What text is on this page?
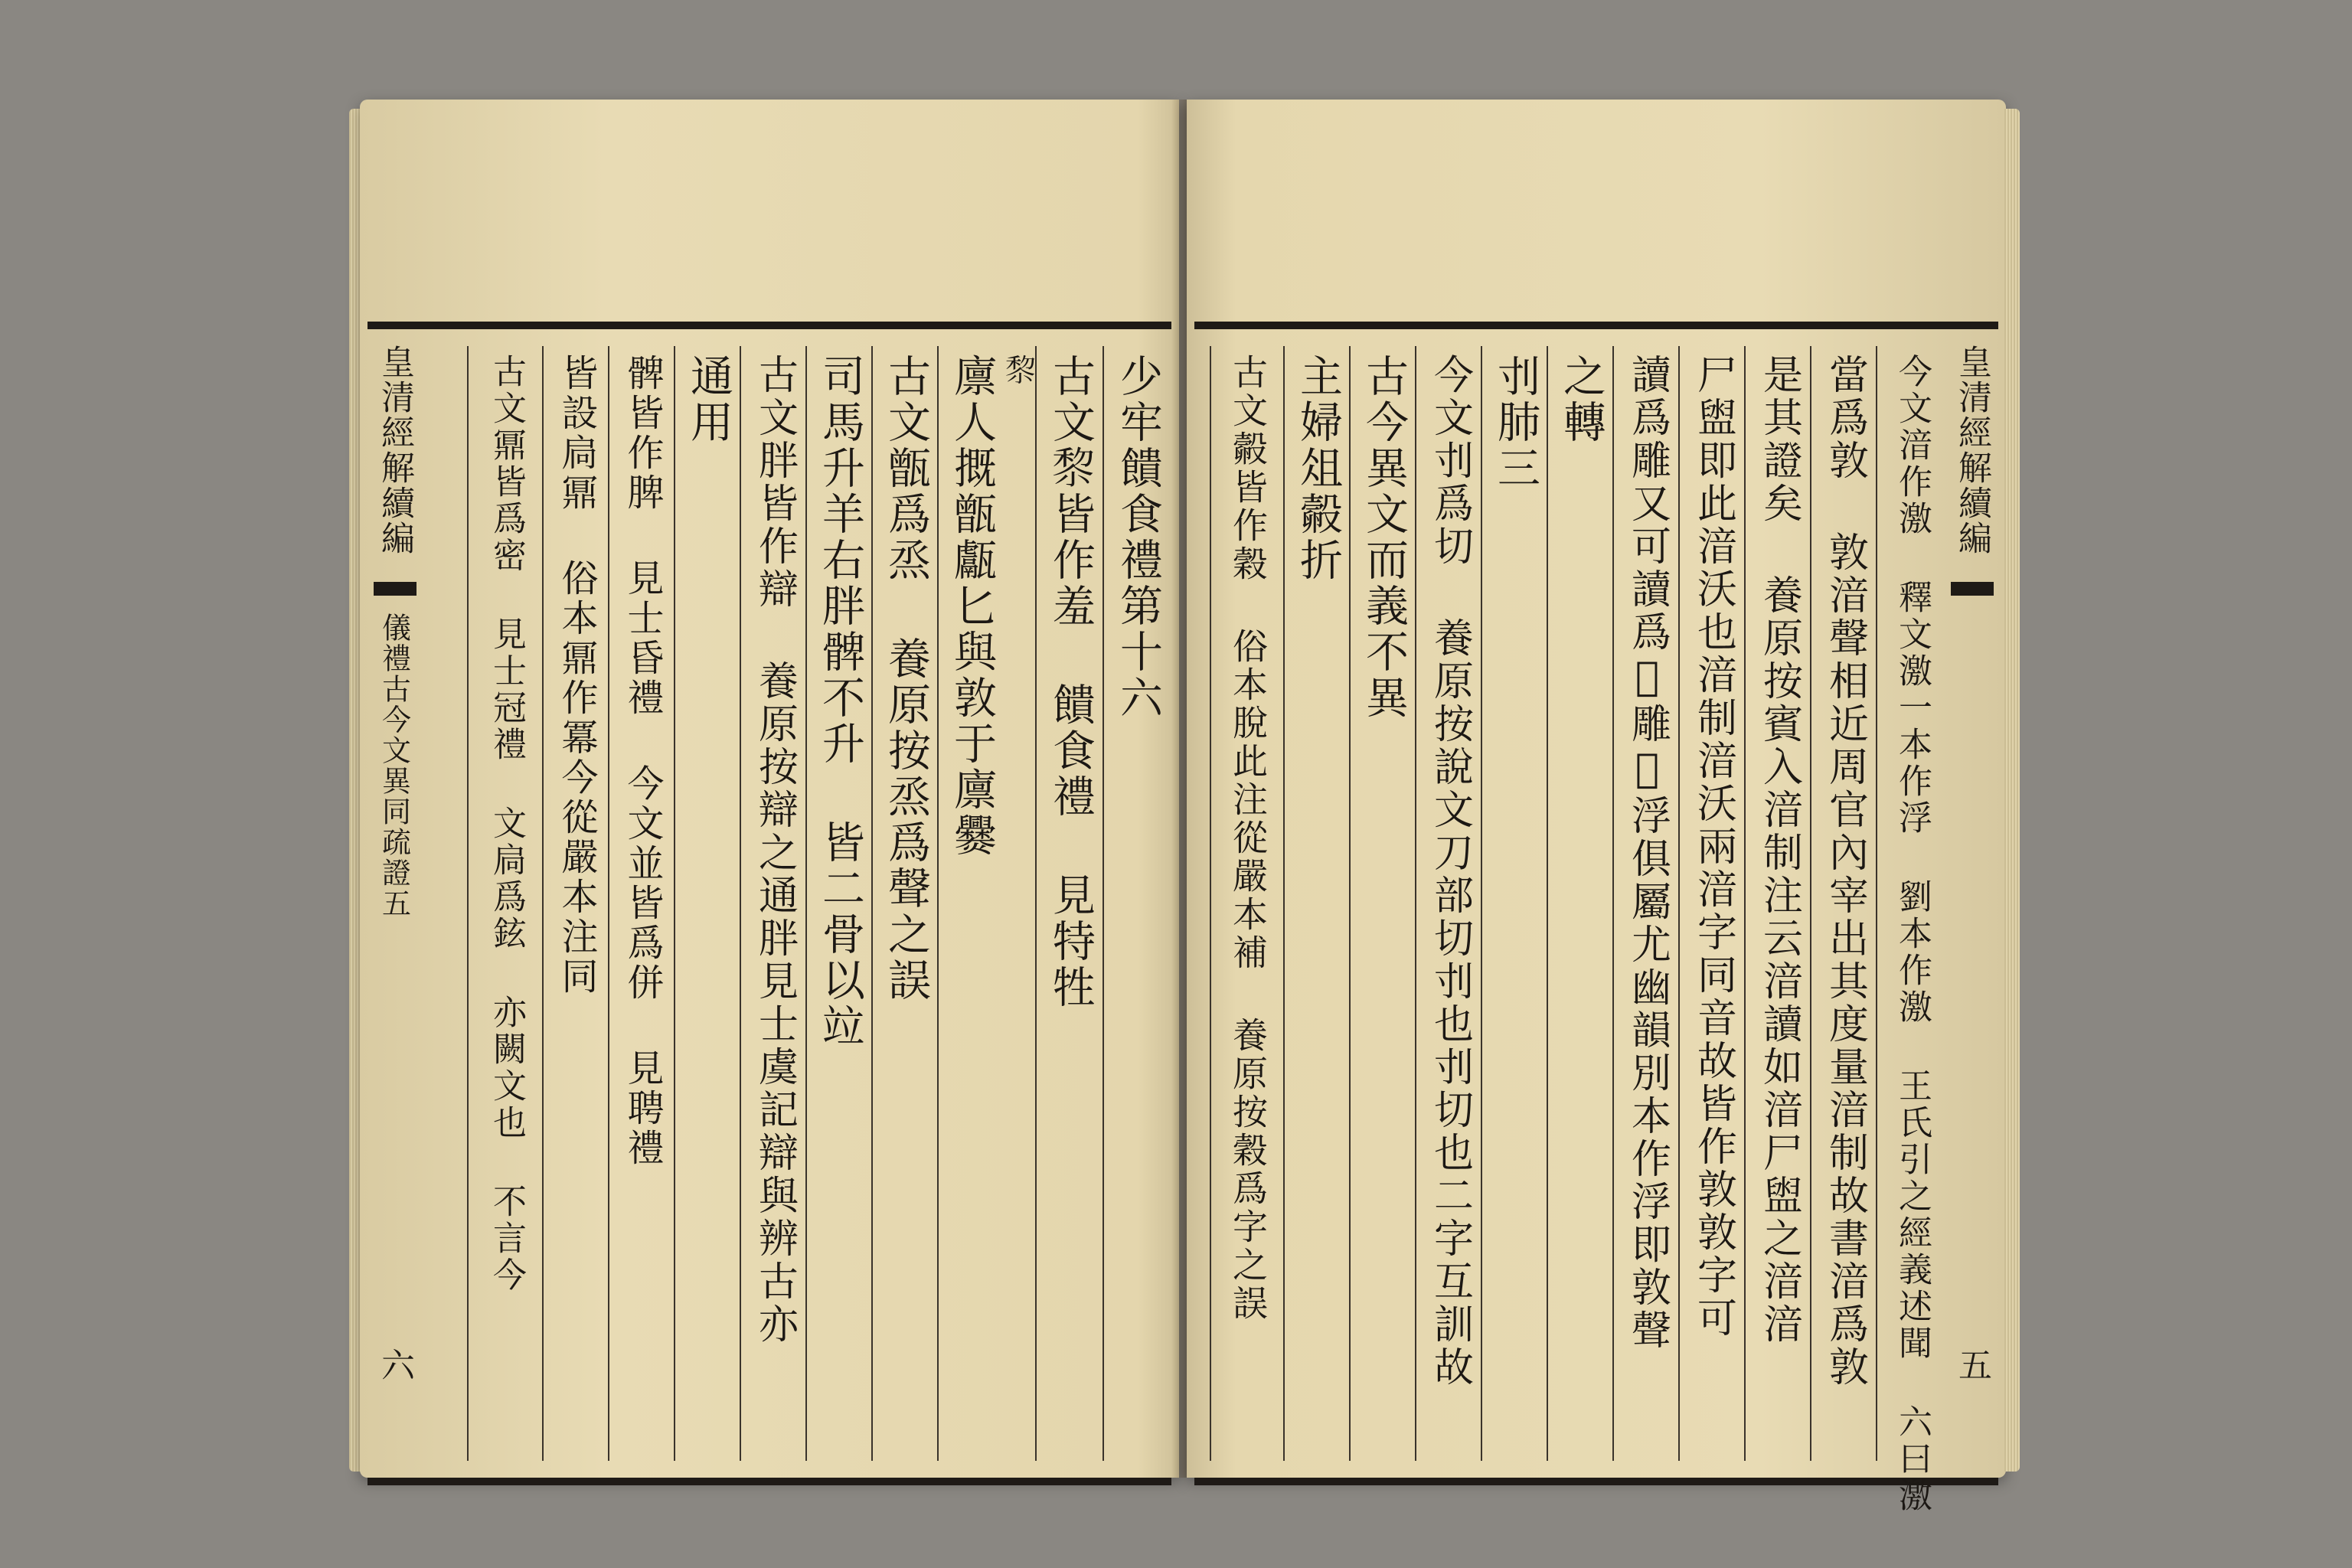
皇清經解續編
儀禮古今文異同疏證五
六
少牢饋食禮第十六
古文𥟖皆作羞 饋食禮 見特牲
𥟖
廪人摡甑甗匕與敦于廪爨
古文甑爲烝 養原按烝爲聲之誤
司馬升羊右胖髀不升 皆二骨以竝
古文胖皆作辯 養原按辯之通胖見士虞記辯與辨古亦
通用
髀皆作脾 見士昏禮 今文並皆爲併 見聘禮
皆設扃鼏 俗本鼏作冪今從嚴本注同
古文鼏皆爲密 見士冠禮 文扃爲鉉 亦闕文也 不言今	皇清經解續編
五
今文湆作激 釋文激一本作浮 劉本作激 王氏引之經義述聞 六曰激
當爲敦 敦湆聲相近周官內宰出其度量湆制故書湆爲敦
是其證矣 養原按賓入湆制注云湆讀如湆尸盥之湆湆
尸盥即此湆沃也湆制湆沃兩湆字同音故皆作敦敦字可
讀爲雕又可讀爲𧇊雕𧇊浮俱屬尤幽韻別本作浮即敦聲
之轉
刌肺三
今文刌爲切 養原按說文刀部切刌也刌切也二字互訓故
古今異文而義不異
主婦俎㲉折
古文㲉皆作穀 俗本脫此注從嚴本補 養原按穀爲字之誤
